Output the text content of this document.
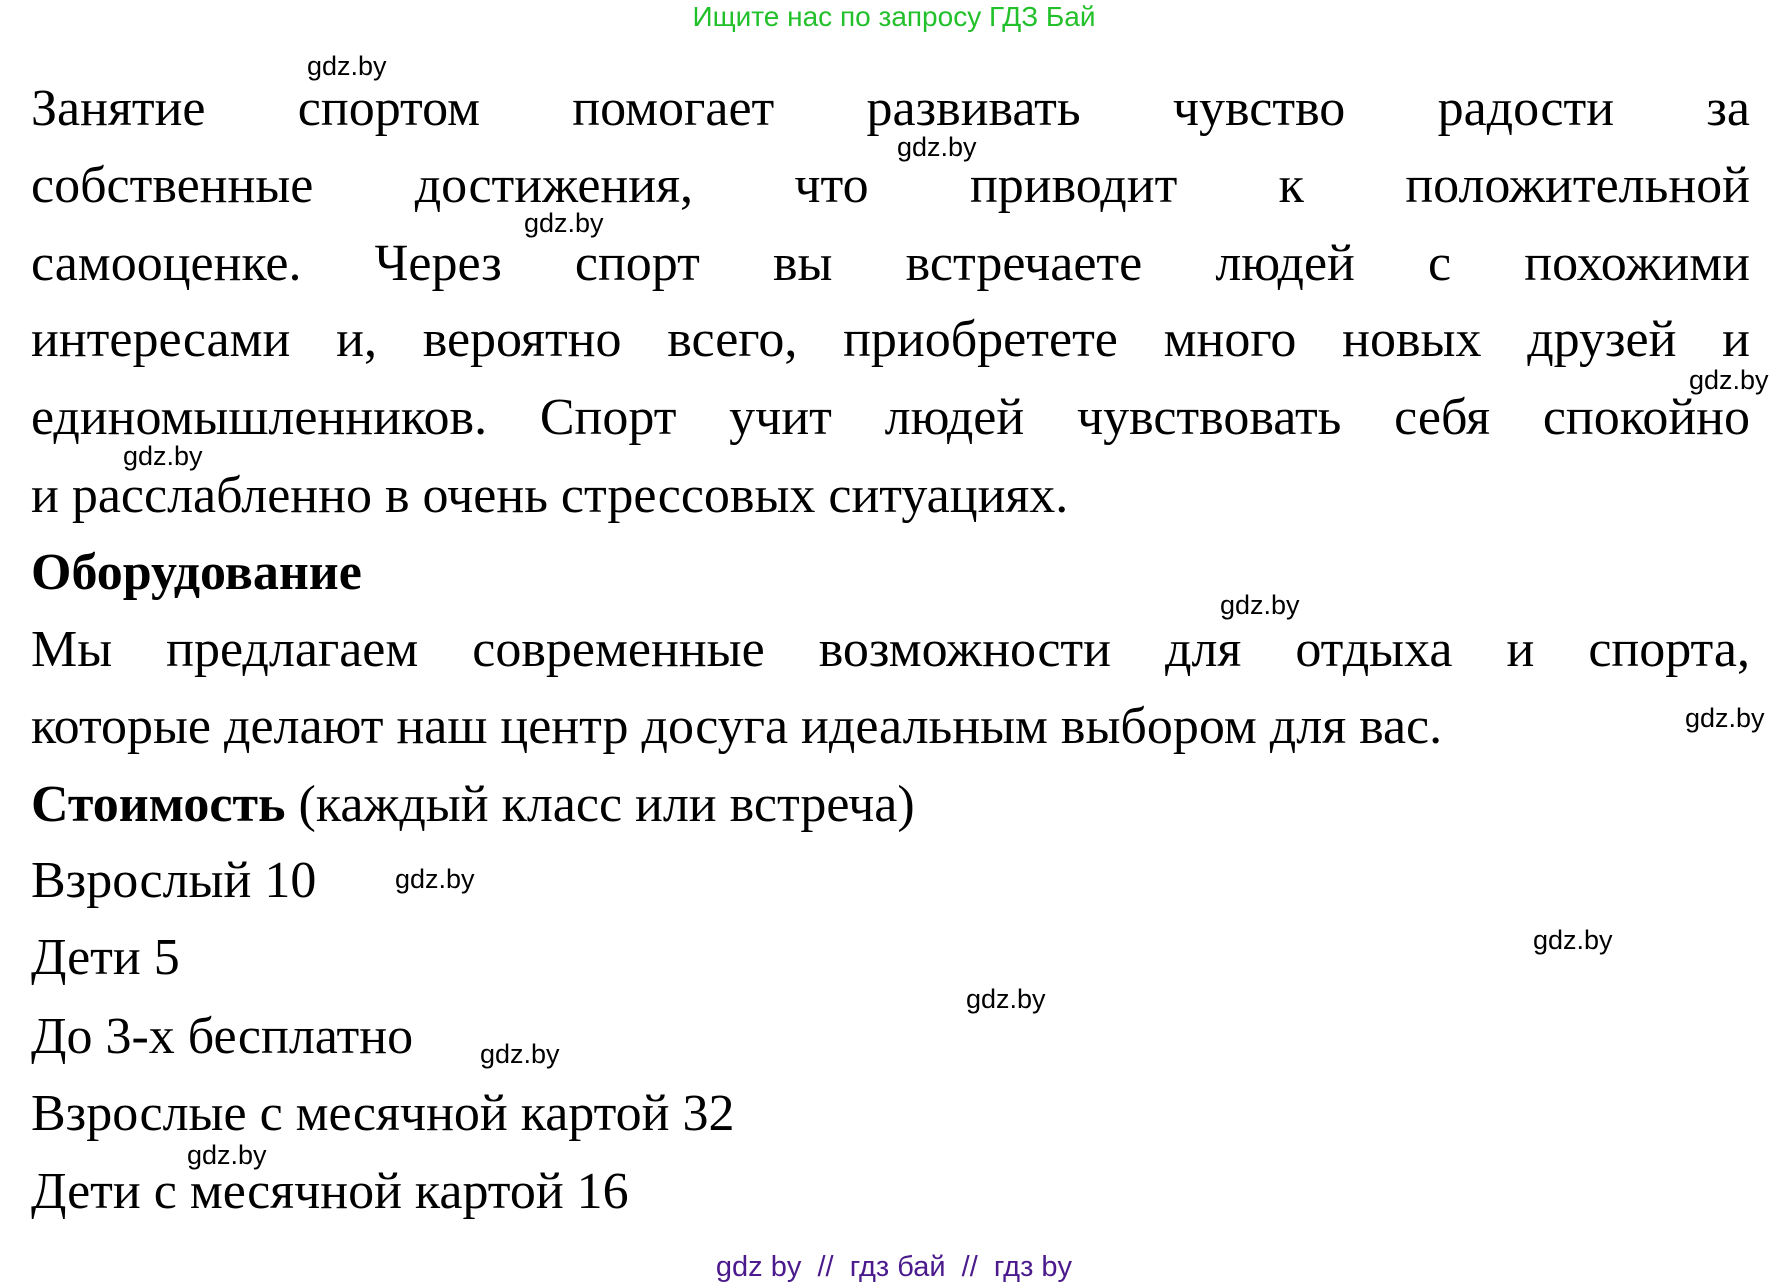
Ищите нас по запросу ГДЗ Бай
Занятие спортом помогает развивать чувство радости за
собственные достижения, что приводит к положительной
самооценке. Через спорт вы встречаете людей с похожими
интересами и, вероятно всего, приобретете много новых друзей и
единомышленников. Спорт учит людей чувствовать себя спокойно
и расслабленно в очень стрессовых ситуациях.
Оборудование
Мы предлагаем современные возможности для отдыха и спорта,
которые делают наш центр досуга идеальным выбором для вас.
Стоимость (каждый класс или встреча)
Взрослый 10
Дети 5
До 3-х бесплатно
Взрослые с месячной картой 32
Дети с месячной картой 16
gdz.by
gdz.by
gdz.by
gdz.by
gdz.by
gdz.by
gdz.by
gdz.by
gdz.by
gdz.by
gdz.by
gdz.by
gdz by  //  гдз бай  //  гдз by
